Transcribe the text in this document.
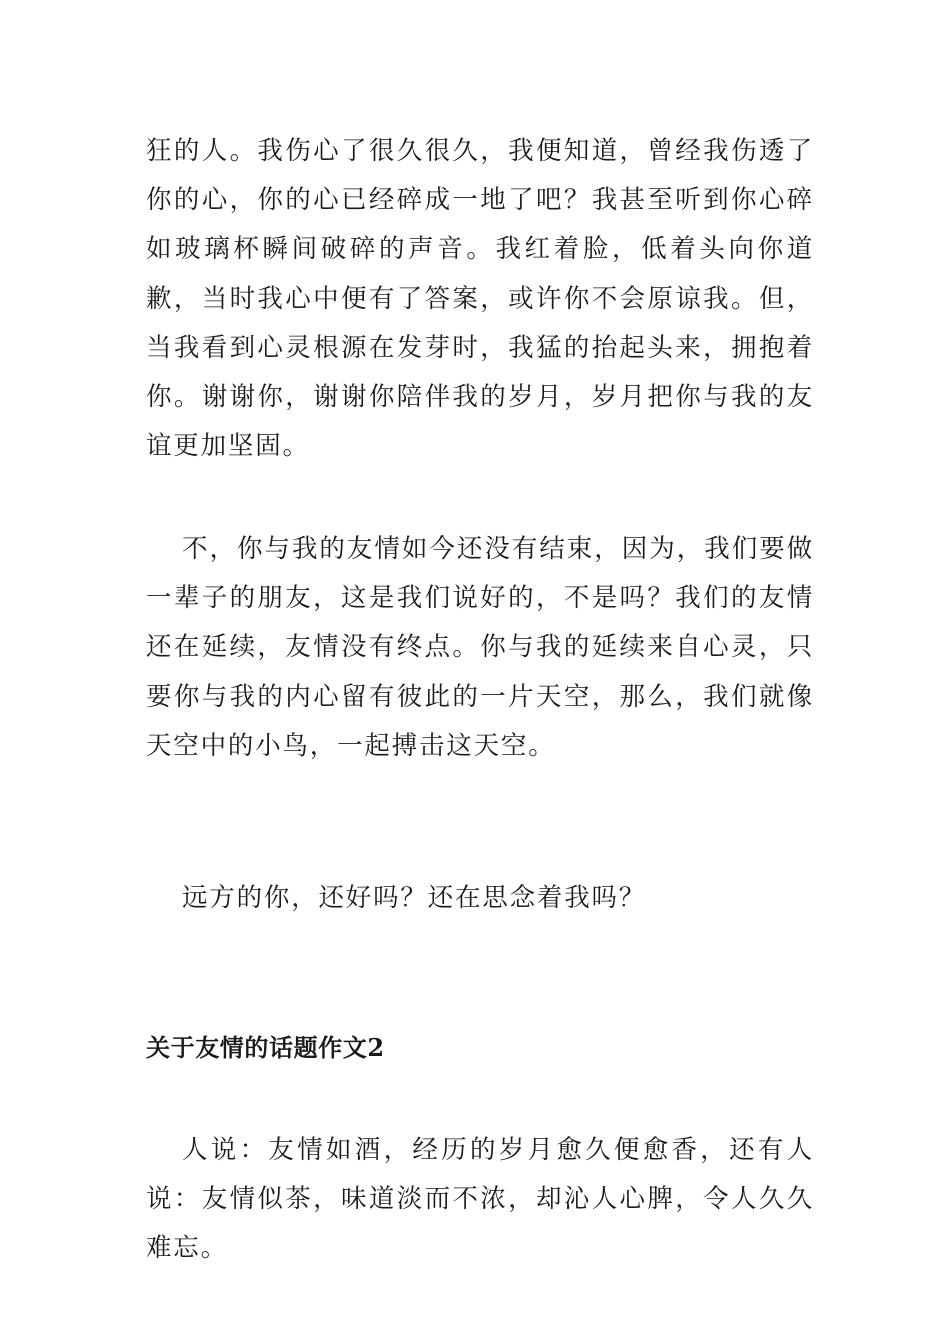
狂的人。我伤心了很久很久，我便知道，曾经我伤透了你的心，你的心已经碎成一地了吧？我甚至听到你心碎如玻璃杯瞬间破碎的声音。我红着脸，低着头向你道歉，当时我心中便有了答案，或许你不会原谅我。但，当我看到心灵根源在发芽时，我猛的抬起头来，拥抱着你。谢谢你，谢谢你陪伴我的岁月，岁月把你与我的友谊更加坚固。

不，你与我的友情如今还没有结束，因为，我们要做一辈子的朋友，这是我们说好的，不是吗？我们的友情还在延续，友情没有终点。你与我的延续来自心灵，只要你与我的内心留有彼此的一片天空，那么，我们就像天空中的小鸟，一起搏击这天空。

远方的你，还好吗？还在思念着我吗？

关于友情的话题作文2

人说：友情如酒，经历的岁月愈久便愈香，还有人说：友情似茶，味道淡而不浓，却沁人心脾，令人久久难忘。
